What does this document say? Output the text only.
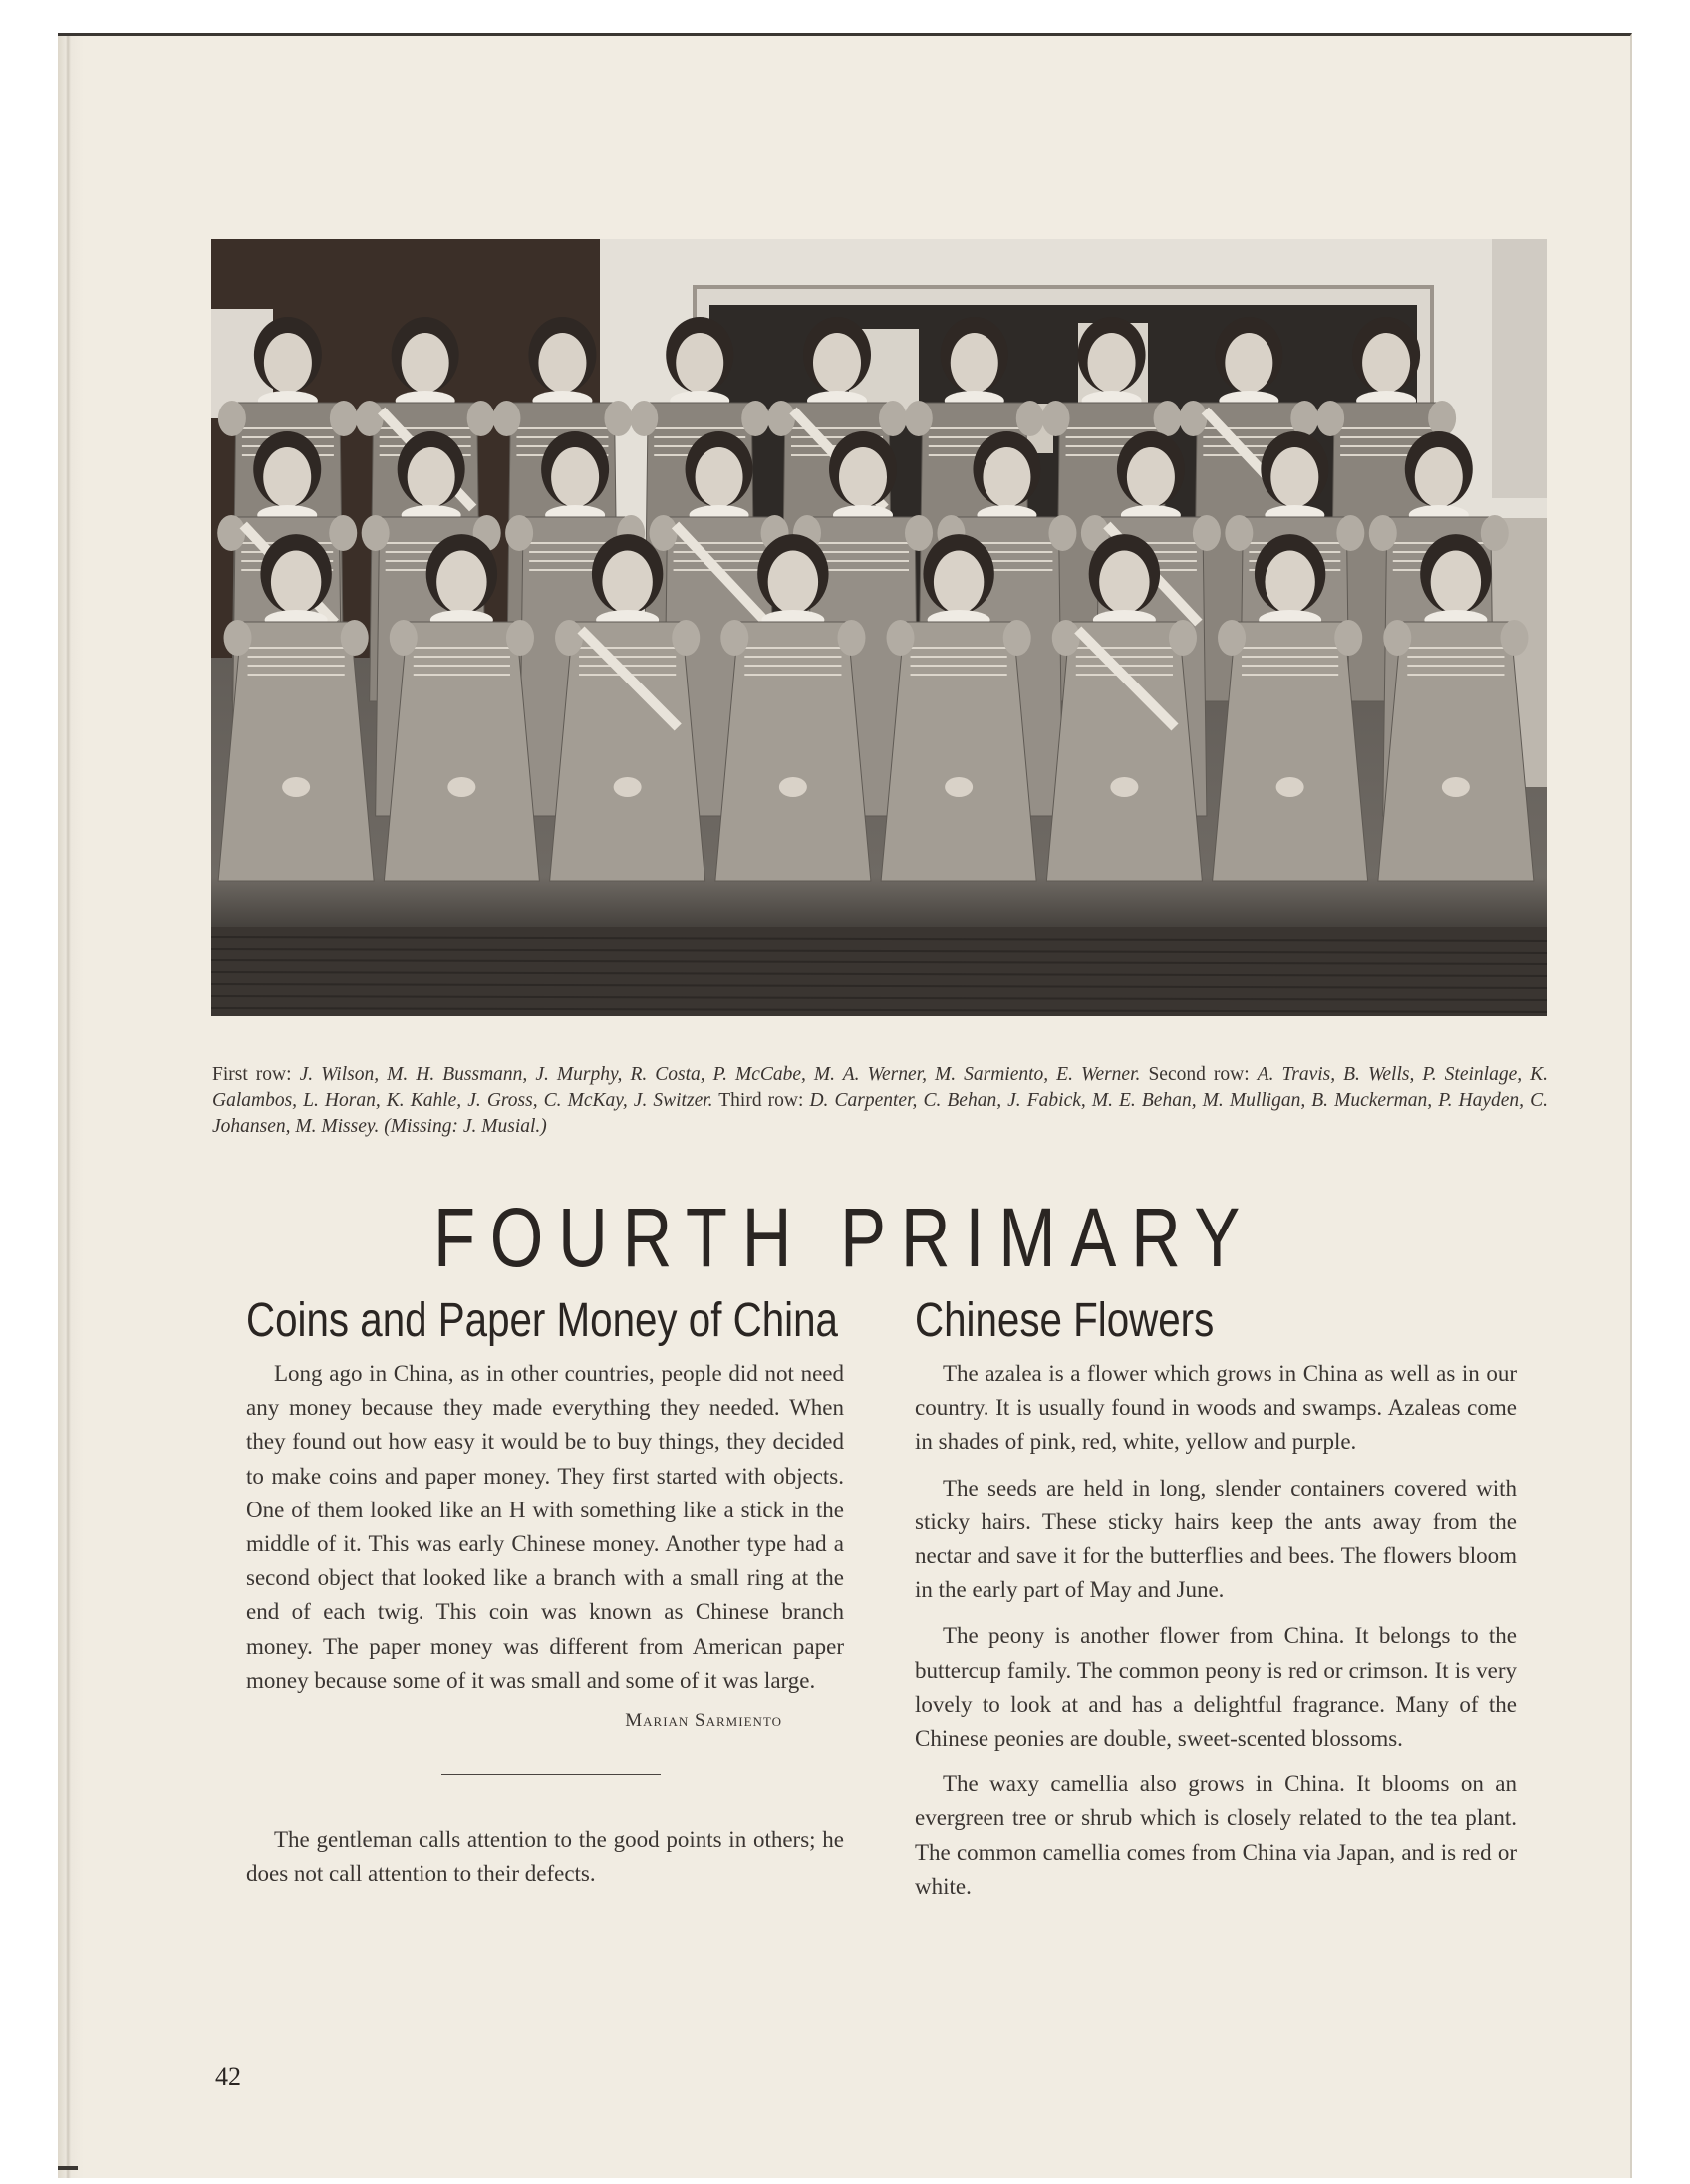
First row: J. Wilson, M. H. Bussmann, J. Murphy, R. Costa, P. McCabe, M. A. Werner, M. Sarmiento, E. Werner. Second row: A. Travis, B. Wells, P. Steinlage, K. Galambos, L. Horan, K. Kahle, J. Gross, C. McKay, J. Switzer. Third row: D. Carpenter, C. Behan, J. Fabick, M. E. Behan, M. Mulligan, B. Muckerman, P. Hayden, C. Johansen, M. Missey. (Missing: J. Musial.)
FOURTH PRIMARY
Coins and Paper Money of China

Long ago in China, as in other countries, people did not need any money because they made everything they needed. When they found out how easy it would be to buy things, they decided to make coins and paper money. They first started with objects. One of them looked like an H with something like a stick in the middle of it. This was early Chinese money. Another type had a second object that looked like a branch with a small ring at the end of each twig. This coin was known as Chinese branch money. The paper money was different from American paper money because some of it was small and some of it was large.

Marian Sarmiento

The gentleman calls attention to the good points in others; he does not call attention to their defects.

Chinese Flowers

The azalea is a flower which grows in China as well as in our country. It is usually found in woods and swamps. Azaleas come in shades of pink, red, white, yellow and purple.

The seeds are held in long, slender containers covered with sticky hairs. These sticky hairs keep the ants away from the nectar and save it for the butterflies and bees. The flowers bloom in the early part of May and June.

The peony is another flower from China. It belongs to the buttercup family. The common peony is red or crimson. It is very lovely to look at and has a delightful fragrance. Many of the Chinese peonies are double, sweet-scented blossoms.

The waxy camellia also grows in China. It blooms on an evergreen tree or shrub which is closely related to the tea plant. The common camellia comes from China via Japan, and is red or white.

42
